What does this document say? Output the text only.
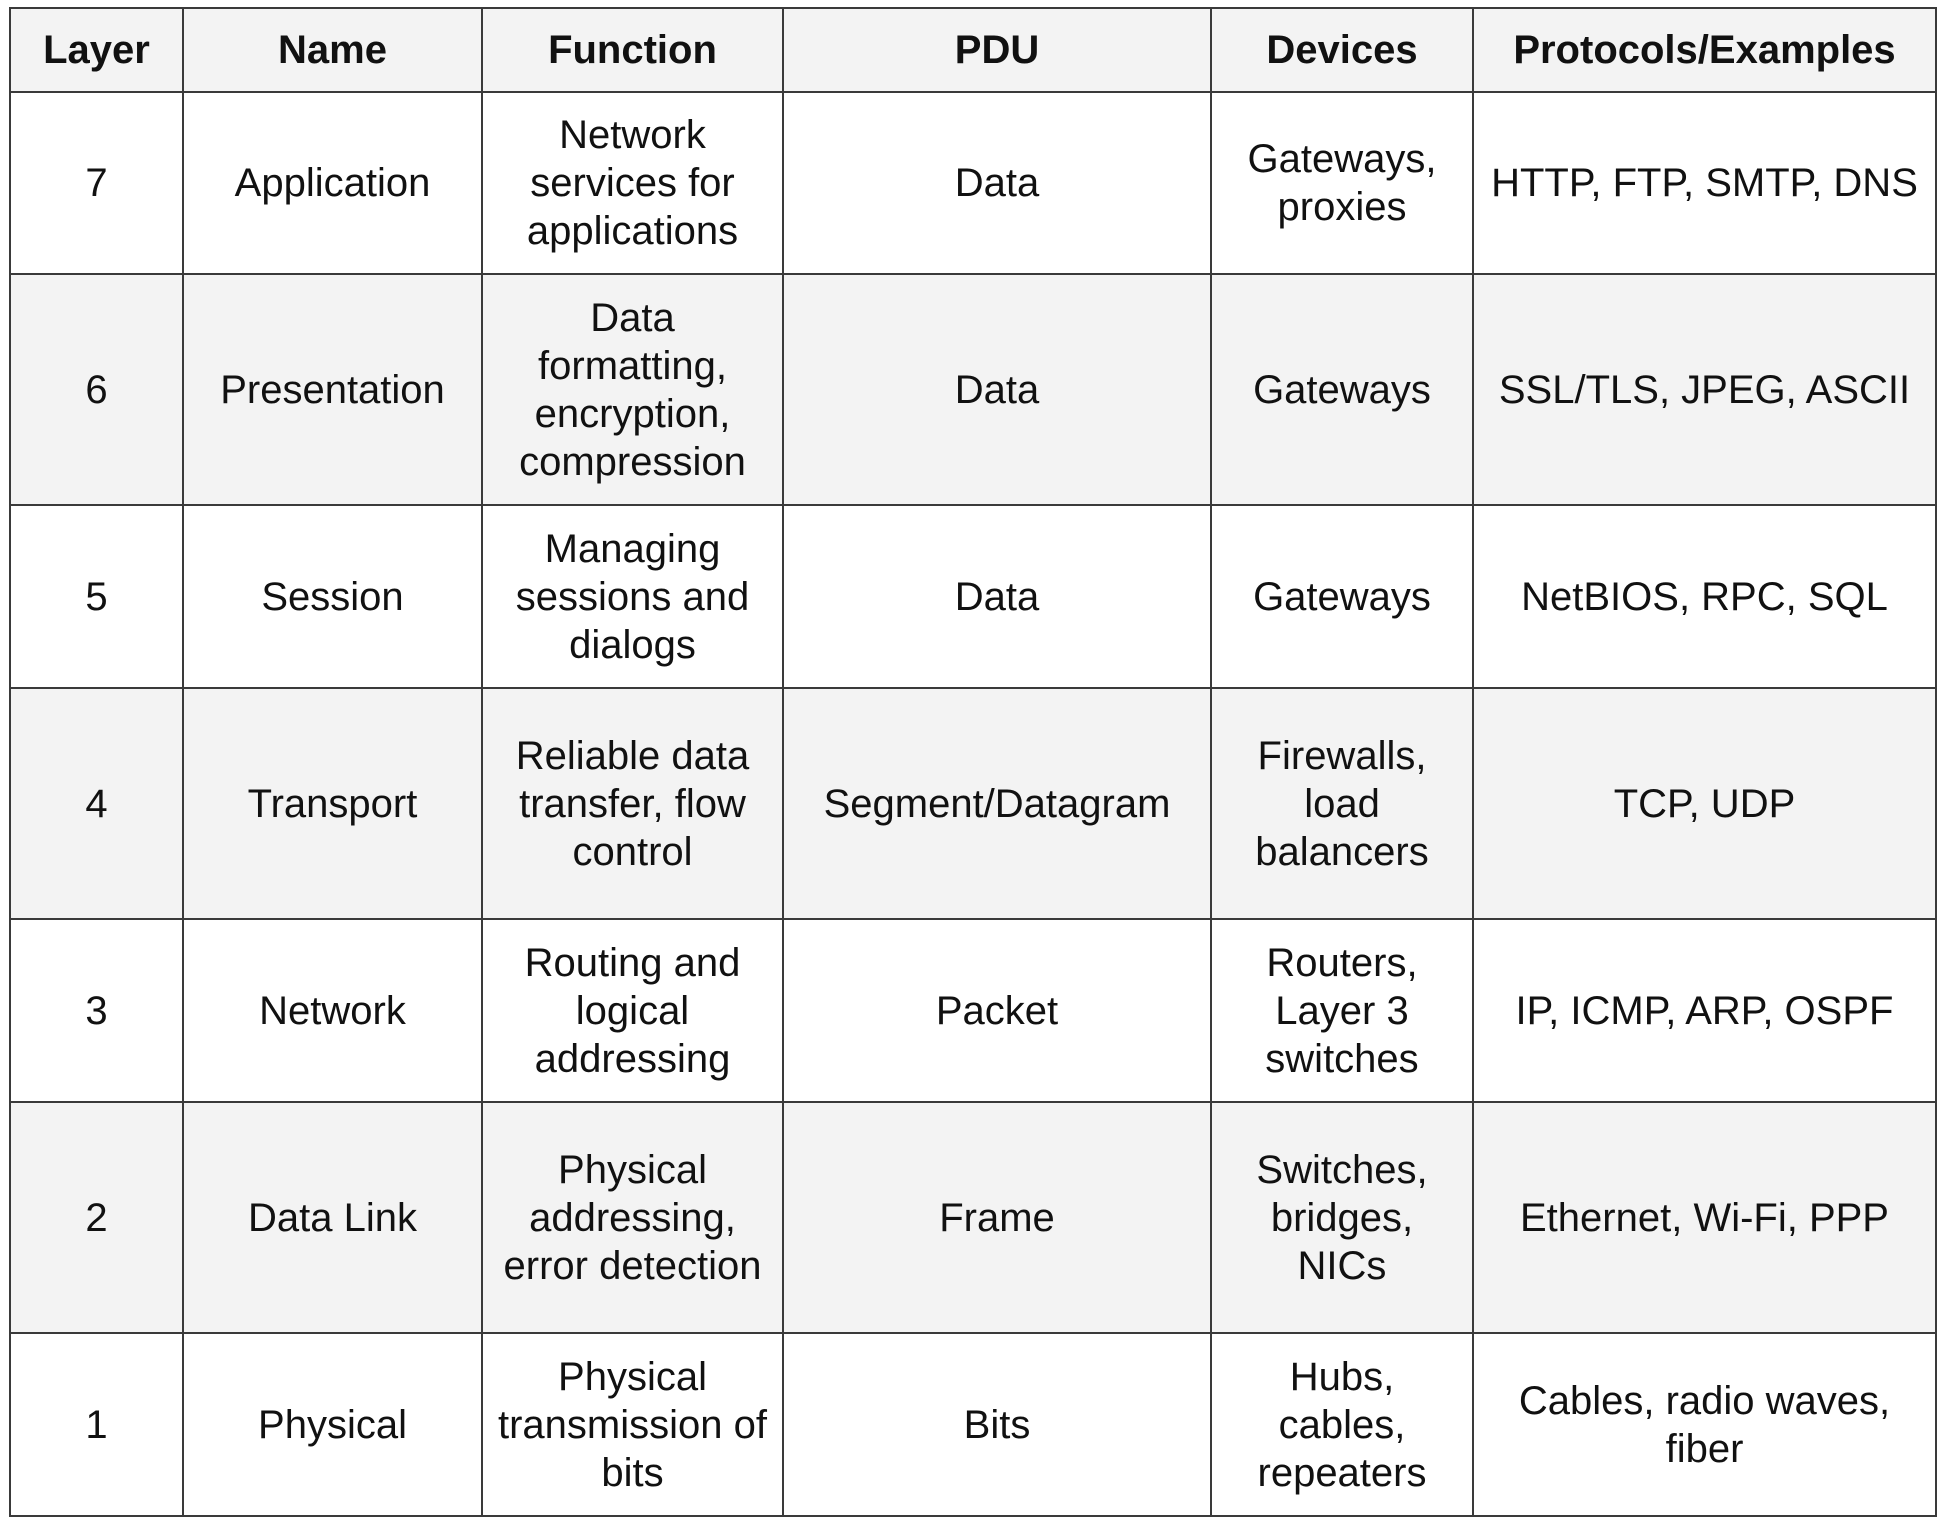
Layer	Name	Function	PDU	Devices	Protocols/Examples
7	Application	Network services for applications	Data	Gateways, proxies	HTTP, FTP, SMTP, DNS
6	Presentation	Data formatting, encryption, compression	Data	Gateways	SSL/TLS, JPEG, ASCII
5	Session	Managing sessions and dialogs	Data	Gateways	NetBIOS, RPC, SQL
4	Transport	Reliable data transfer, flow control	Segment/Datagram	Firewalls, load balancers	TCP, UDP
3	Network	Routing and logical addressing	Packet	Routers, Layer 3 switches	IP, ICMP, ARP, OSPF
2	Data Link	Physical addressing, error detection	Frame	Switches, bridges, NICs	Ethernet, Wi-Fi, PPP
1	Physical	Physical transmission of bits	Bits	Hubs, cables, repeaters	Cables, radio waves, fiber
